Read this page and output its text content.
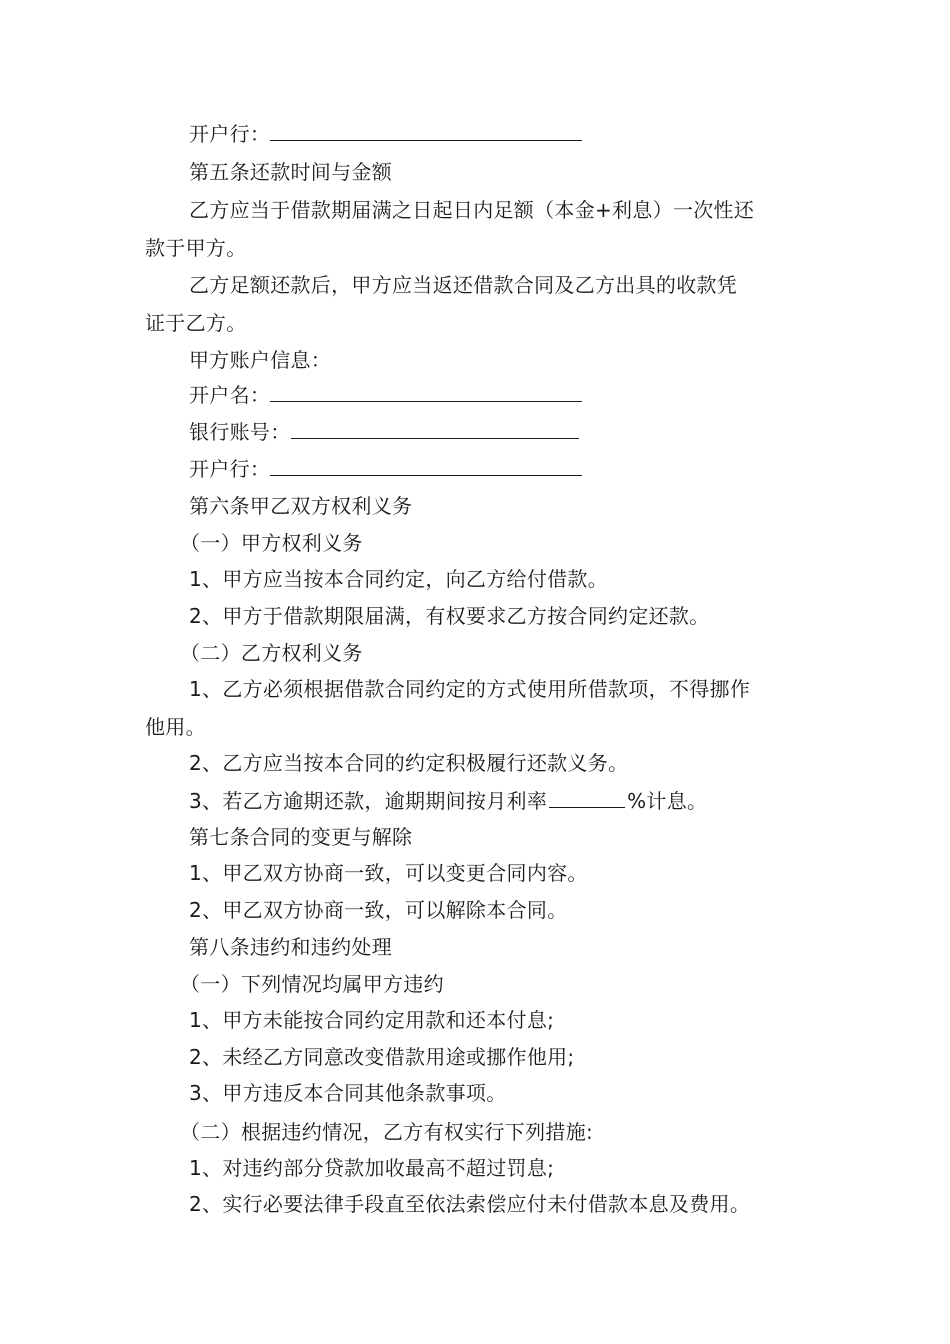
开户行：
第五条还款时间与金额
乙方应当于借款期届满之日起日内足额（本金+利息）一次性还
款于甲方。
乙方足额还款后，甲方应当返还借款合同及乙方出具的收款凭
证于乙方。
甲方账户信息：
开户名：
银行账号：
开户行：
第六条甲乙双方权利义务
（一）甲方权利义务
1、甲方应当按本合同约定，向乙方给付借款。
2、甲方于借款期限届满，有权要求乙方按合同约定还款。
（二）乙方权利义务
1、乙方必须根据借款合同约定的方式使用所借款项，不得挪作
他用。
2、乙方应当按本合同的约定积极履行还款义务。
3、若乙方逾期还款，逾期期间按月利率	%计息。
第七条合同的变更与解除
1、甲乙双方协商一致，可以变更合同内容。
2、甲乙双方协商一致，可以解除本合同。
第八条违约和违约处理
（一）下列情况均属甲方违约
1、甲方未能按合同约定用款和还本付息;
2、未经乙方同意改变借款用途或挪作他用;
3、甲方违反本合同其他条款事项。
（二）根据违约情况，乙方有权实行下列措施:
1、对违约部分贷款加收最高不超过罚息;
2、实行必要法律手段直至依法索偿应付未付借款本息及费用。
